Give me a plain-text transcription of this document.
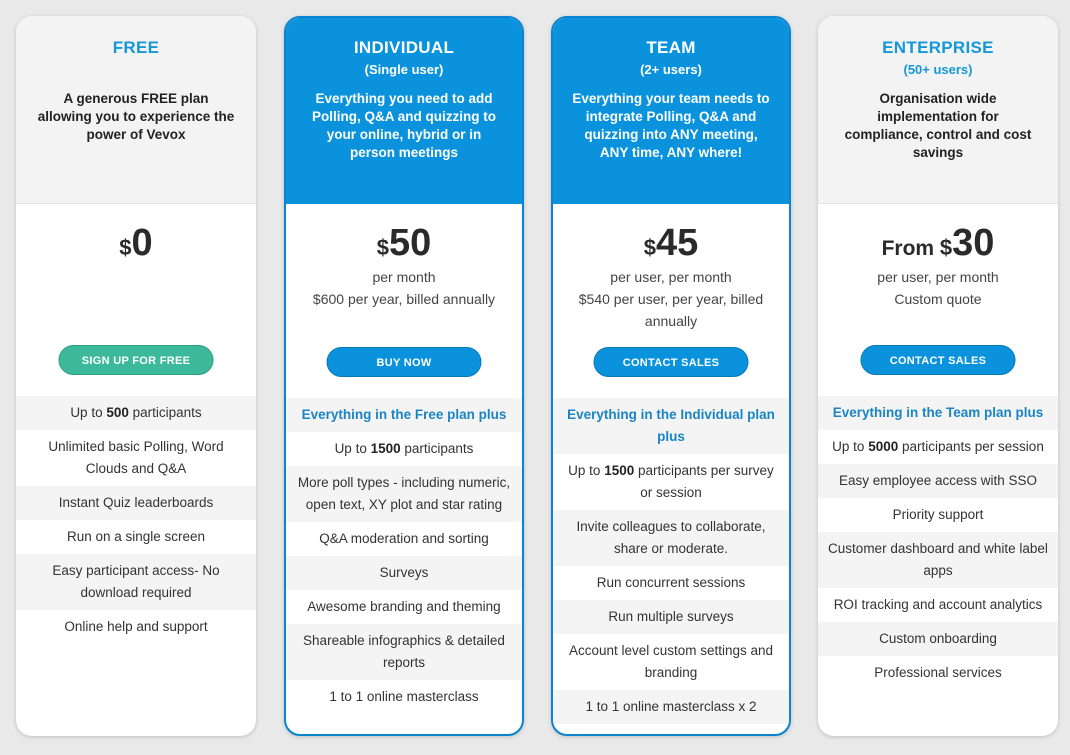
FREE
A generous FREE plan allowing you to experience the power of Vevox
$0
SIGN UP FOR FREE
Up to 500 participants
Unlimited basic Polling, Word Clouds and Q&A
Instant Quiz leaderboards
Run on a single screen
Easy participant access- No download required
Online help and support
INDIVIDUAL
(Single user)
Everything you need to add Polling, Q&A and quizzing to your online, hybrid or in person meetings
$50
per month
$600 per year, billed annually
BUY NOW
Everything in the Free plan plus
Up to 1500 participants
More poll types - including numeric, open text, XY plot and star rating
Q&A moderation and sorting
Surveys
Awesome branding and theming
Shareable infographics & detailed reports
1 to 1 online masterclass
TEAM
(2+ users)
Everything your team needs to integrate Polling, Q&A and quizzing into ANY meeting, ANY time, ANY where!
$45
per user, per month
$540 per user, per year, billed annually
CONTACT SALES
Everything in the Individual plan plus
Up to 1500 participants per survey or session
Invite colleagues to collaborate, share or moderate.
Run concurrent sessions
Run multiple surveys
Account level custom settings and branding
1 to 1 online masterclass x 2
ENTERPRISE
(50+ users)
Organisation wide implementation for compliance, control and cost savings
From $30
per user, per month
Custom quote
CONTACT SALES
Everything in the Team plan plus
Up to 5000 participants per session
Easy employee access with SSO
Priority support
Customer dashboard and white label apps
ROI tracking and account analytics
Custom onboarding
Professional services
